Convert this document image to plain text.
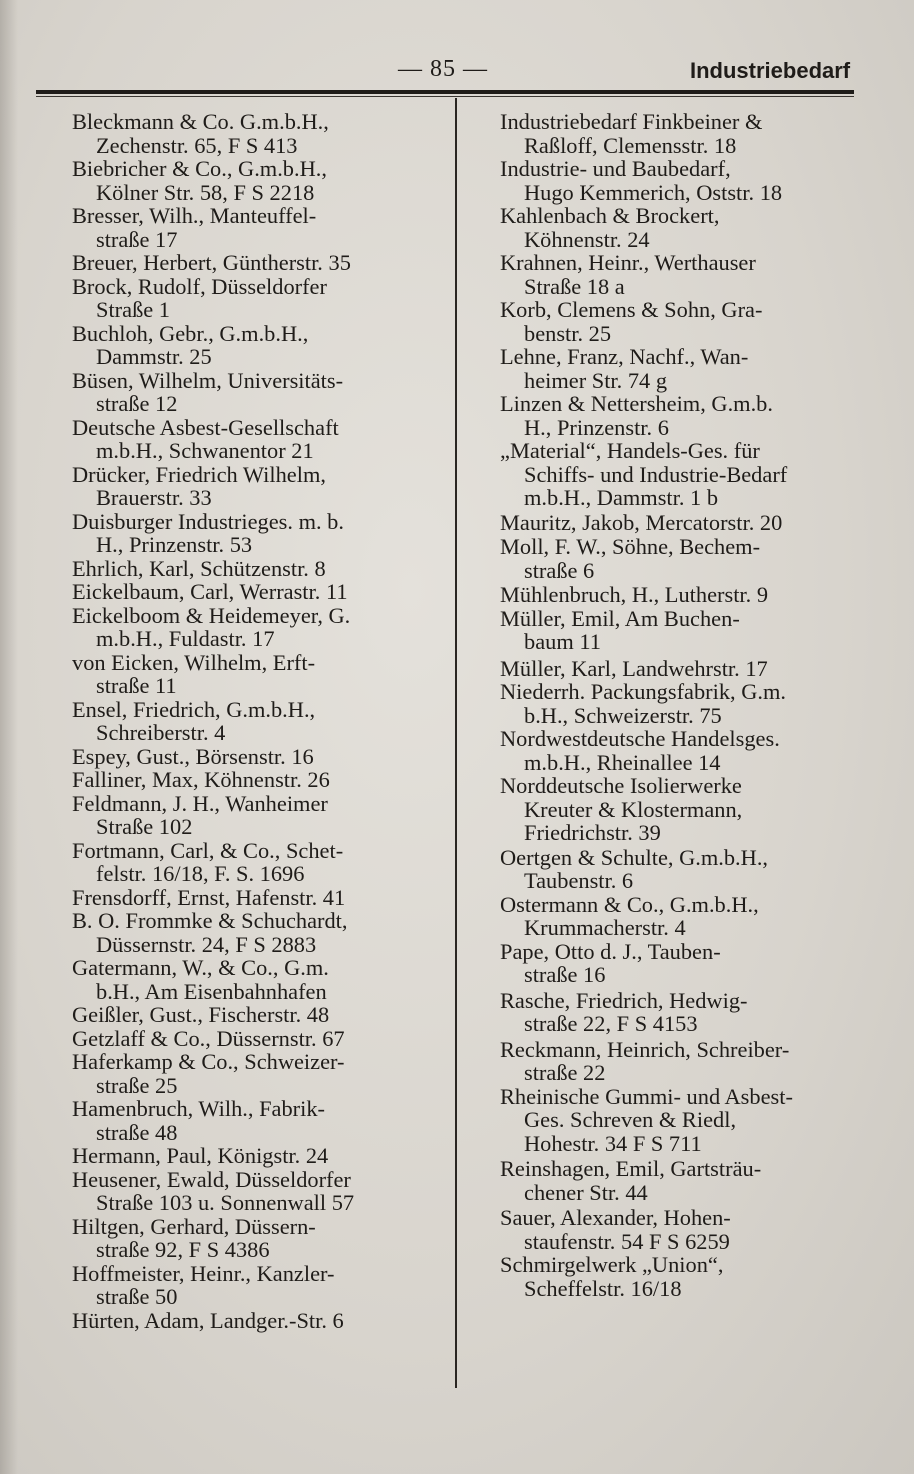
— 85 —	Industriebedarf
Bleckmann & Co. G.m.b.H.,
Zechenstr. 65, F S 413
Biebricher & Co., G.m.b.H.,
Kölner Str. 58, F S 2218
Bresser, Wilh., Manteuffel-
straße 17
Breuer, Herbert, Güntherstr. 35
Brock, Rudolf, Düsseldorfer
Straße 1
Buchloh, Gebr., G.m.b.H.,
Dammstr. 25
Büsen, Wilhelm, Universitäts-
straße 12
Deutsche Asbest-Gesellschaft
m.b.H., Schwanentor 21
Drücker, Friedrich Wilhelm,
Brauerstr. 33
Duisburger Industrieges. m. b.
H., Prinzenstr. 53
Ehrlich, Karl, Schützenstr. 8
Eickelbaum, Carl, Werrastr. 11
Eickelboom & Heidemeyer, G.
m.b.H., Fuldastr. 17
von Eicken, Wilhelm, Erft-
straße 11
Ensel, Friedrich, G.m.b.H.,
Schreiberstr. 4
Espey, Gust., Börsenstr. 16
Falliner, Max, Köhnenstr. 26
Feldmann, J. H., Wanheimer
Straße 102
Fortmann, Carl, & Co., Schet-
felstr. 16/18, F. S. 1696
Frensdorff, Ernst, Hafenstr. 41
B. O. Frommke & Schuchardt,
Düssernstr. 24, F S 2883
Gatermann, W., & Co., G.m.
b.H., Am Eisenbahnhafen
Geißler, Gust., Fischerstr. 48
Getzlaff & Co., Düssernstr. 67
Haferkamp & Co., Schweizer-
straße 25
Hamenbruch, Wilh., Fabrik-
straße 48
Hermann, Paul, Königstr. 24
Heusener, Ewald, Düsseldorfer
Straße 103 u. Sonnenwall 57
Hiltgen, Gerhard, Düssern-
straße 92, F S 4386
Hoffmeister, Heinr., Kanzler-
straße 50
Hürten, Adam, Landger.-Str. 6
Industriebedarf Finkbeiner &
Raßloff, Clemensstr. 18
Industrie- und Baubedarf,
Hugo Kemmerich, Oststr. 18
Kahlenbach & Brockert,
Köhnenstr. 24
Krahnen, Heinr., Werthauser
Straße 18 a
Korb, Clemens & Sohn, Gra-
benstr. 25
Lehne, Franz, Nachf., Wan-
heimer Str. 74 g
Linzen & Nettersheim, G.m.b.
H., Prinzenstr. 6
„Material“, Handels-Ges. für
Schiffs- und Industrie-Bedarf
m.b.H., Dammstr. 1 b
Mauritz, Jakob, Mercatorstr. 20
Moll, F. W., Söhne, Bechem-
straße 6
Mühlenbruch, H., Lutherstr. 9
Müller, Emil, Am Buchen-
baum 11
Müller, Karl, Landwehrstr. 17
Niederrh. Packungsfabrik, G.m.
b.H., Schweizerstr. 75
Nordwestdeutsche Handelsges.
m.b.H., Rheinallee 14
Norddeutsche Isolierwerke
Kreuter & Klostermann,
Friedrichstr. 39
Oertgen & Schulte, G.m.b.H.,
Taubenstr. 6
Ostermann & Co., G.m.b.H.,
Krummacherstr. 4
Pape, Otto d. J., Tauben-
straße 16
Rasche, Friedrich, Hedwig-
straße 22, F S 4153
Reckmann, Heinrich, Schreiber-
straße 22
Rheinische Gummi- und Asbest-
Ges. Schreven & Riedl,
Hohestr. 34 F S 711
Reinshagen, Emil, Gartsträu-
chener Str. 44
Sauer, Alexander, Hohen-
staufenstr. 54 F S 6259
Schmirgelwerk „Union“,
Scheffelstr. 16/18
